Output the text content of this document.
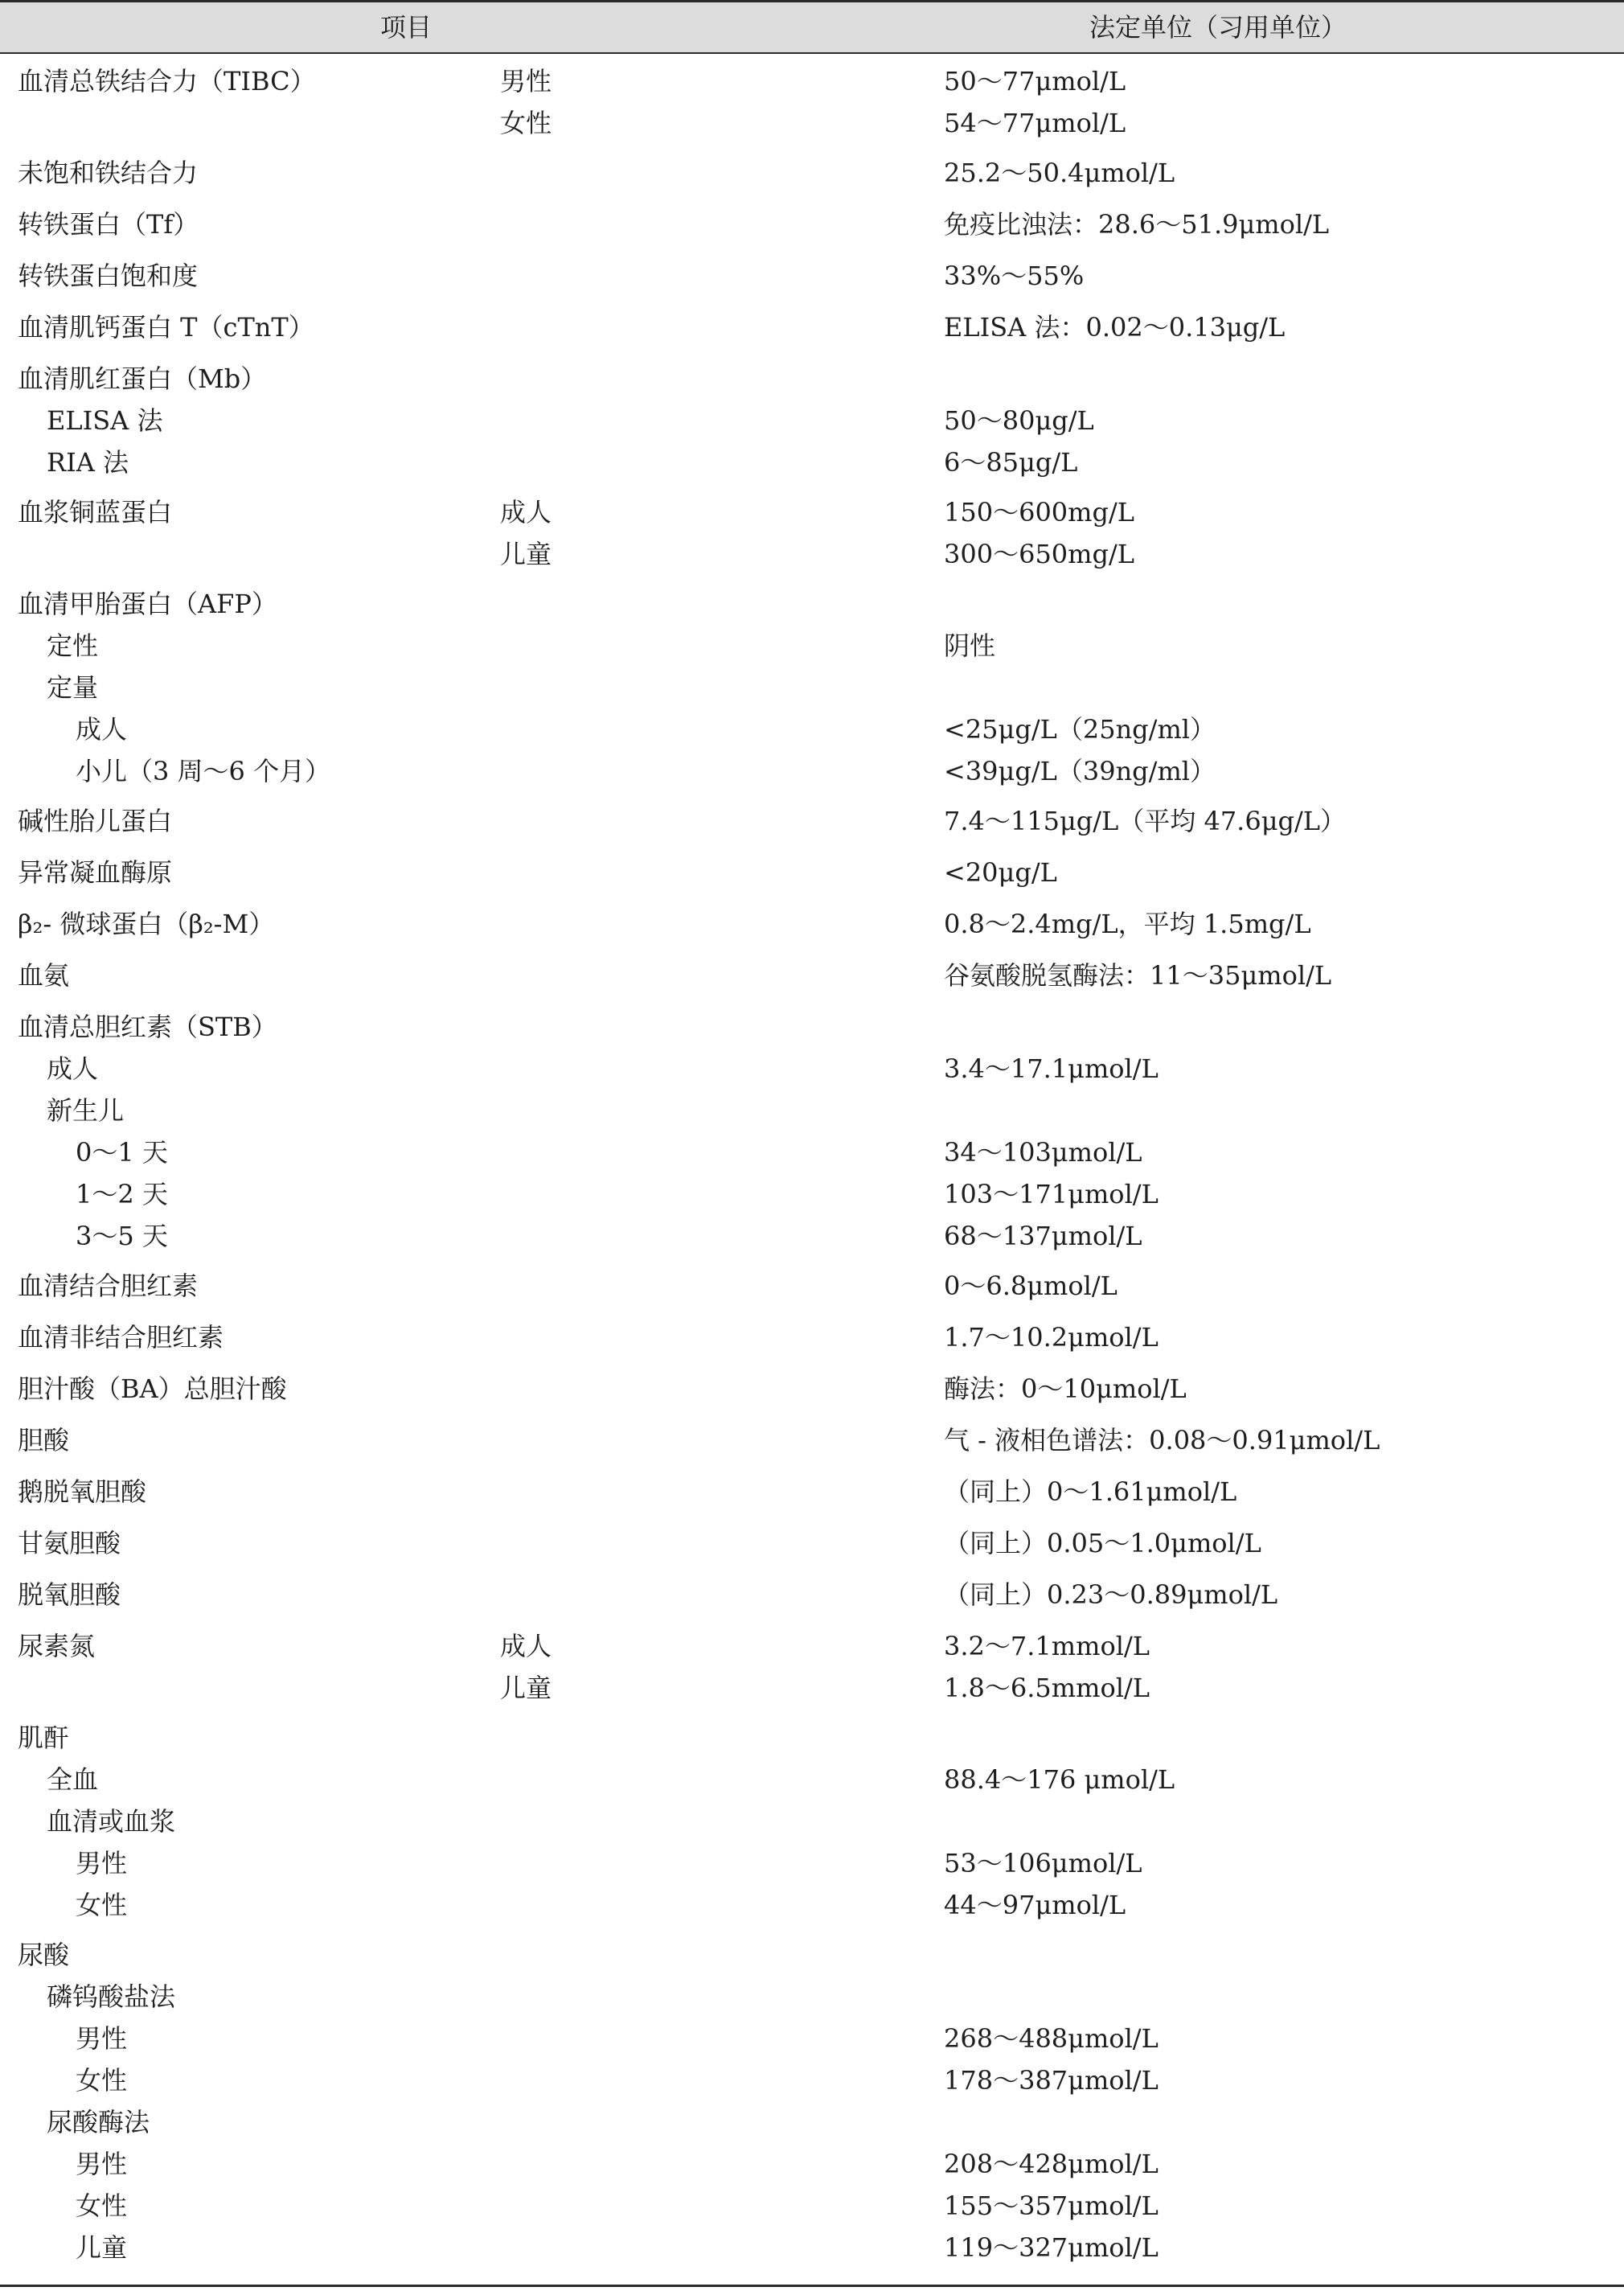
项目	法定单位（习用单位）
血清总铁结合力（TIBC）	男性	50～77μmol/L
女性	54～77μmol/L
未饱和铁结合力	25.2～50.4μmol/L
转铁蛋白（Tf）	免疫比浊法：28.6～51.9μmol/L
转铁蛋白饱和度	33%～55%
血清肌钙蛋白 T（cTnT）	ELISA 法：0.02～0.13μg/L
血清肌红蛋白（Mb）
ELISA 法	50～80μg/L
RIA 法	6～85μg/L
血浆铜蓝蛋白	成人	150～600mg/L
儿童	300～650mg/L
血清甲胎蛋白（AFP）
定性	阴性
定量
成人	<25μg/L（25ng/ml）
小儿（3 周～6 个月）	<39μg/L（39ng/ml）
碱性胎儿蛋白	7.4～115μg/L（平均 47.6μg/L）
异常凝血酶原	<20μg/L
β₂- 微球蛋白（β₂-M）	0.8～2.4mg/L，平均 1.5mg/L
血氨	谷氨酸脱氢酶法：11～35μmol/L
血清总胆红素（STB）
成人	3.4～17.1μmol/L
新生儿
0～1 天	34～103μmol/L
1～2 天	103～171μmol/L
3～5 天	68～137μmol/L
血清结合胆红素	0～6.8μmol/L
血清非结合胆红素	1.7～10.2μmol/L
胆汁酸（BA）总胆汁酸	酶法：0～10μmol/L
胆酸	气 - 液相色谱法：0.08～0.91μmol/L
鹅脱氧胆酸	（同上）0～1.61μmol/L
甘氨胆酸	（同上）0.05～1.0μmol/L
脱氧胆酸	（同上）0.23～0.89μmol/L
尿素氮	成人	3.2～7.1mmol/L
儿童	1.8～6.5mmol/L
肌酐
全血	88.4～176 μmol/L
血清或血浆
男性	53～106μmol/L
女性	44～97μmol/L
尿酸
磷钨酸盐法
男性	268～488μmol/L
女性	178～387μmol/L
尿酸酶法
男性	208～428μmol/L
女性	155～357μmol/L
儿童	119～327μmol/L
